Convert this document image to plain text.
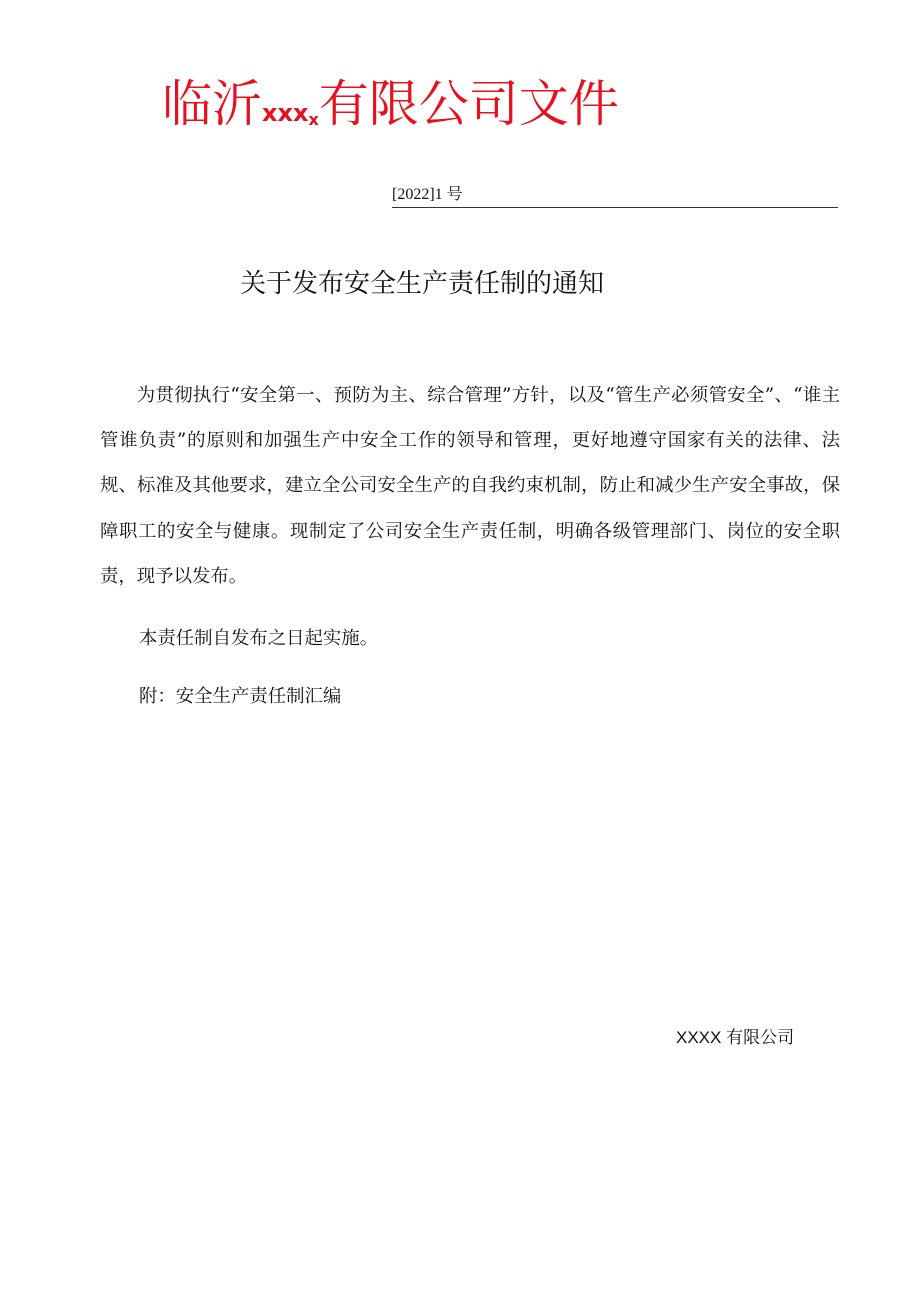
临沂xxxx有限公司文件
[2022]1 号
关于发布安全生产责任制的通知
为贯彻执行“安全第一、预防为主、综合管理”方针，以及“管生产必须管安全”、“谁主管谁负责”的原则和加强生产中安全工作的领导和管理，更好地遵守国家有关的法律、法规、标准及其他要求，建立全公司安全生产的自我约束机制，防止和减少生产安全事故，保障职工的安全与健康。现制定了公司安全生产责任制，明确各级管理部门、岗位的安全职责，现予以发布。
本责任制自发布之日起实施。
附：安全生产责任制汇编
XXXX 有限公司
